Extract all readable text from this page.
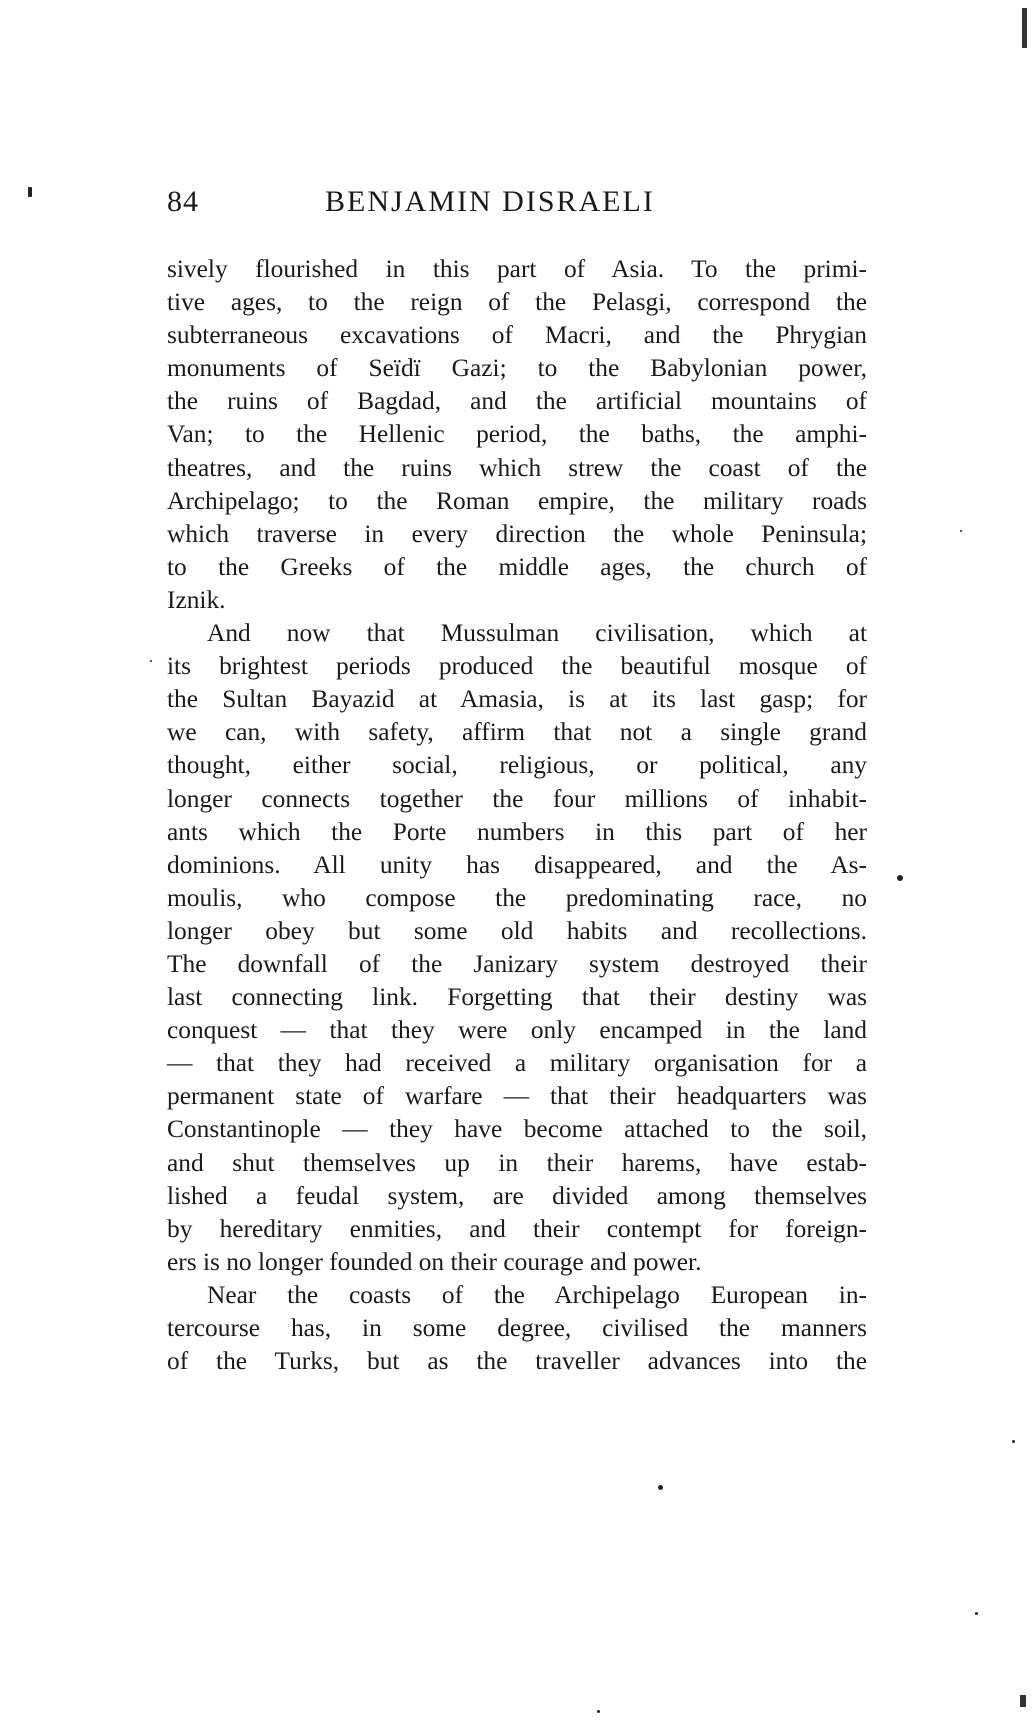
84	BENJAMIN DISRAELI
sively flourished in this part of Asia. To the primi-
tive ages, to the reign of the Pelasgi, correspond the
subterraneous excavations of Macri, and the Phrygian
monuments of Seïdï Gazi; to the Babylonian power,
the ruins of Bagdad, and the artificial mountains of
Van; to the Hellenic period, the baths, the amphi-
theatres, and the ruins which strew the coast of the
Archipelago; to the Roman empire, the military roads
which traverse in every direction the whole Peninsula;
to the Greeks of the middle ages, the church of
Iznik.
And now that Mussulman civilisation, which at
its brightest periods produced the beautiful mosque of
the Sultan Bayazid at Amasia, is at its last gasp; for
we can, with safety, affirm that not a single grand
thought, either social, religious, or political, any
longer connects together the four millions of inhabit-
ants which the Porte numbers in this part of her
dominions. All unity has disappeared, and the As-
moulis, who compose the predominating race, no
longer obey but some old habits and recollections.
The downfall of the Janizary system destroyed their
last connecting link. Forgetting that their destiny was
conquest — that they were only encamped in the land
— that they had received a military organisation for a
permanent state of warfare — that their headquarters was
Constantinople — they have become attached to the soil,
and shut themselves up in their harems, have estab-
lished a feudal system, are divided among themselves
by hereditary enmities, and their contempt for foreign-
ers is no longer founded on their courage and power.
Near the coasts of the Archipelago European in-
tercourse has, in some degree, civilised the manners
of the Turks, but as the traveller advances into the
